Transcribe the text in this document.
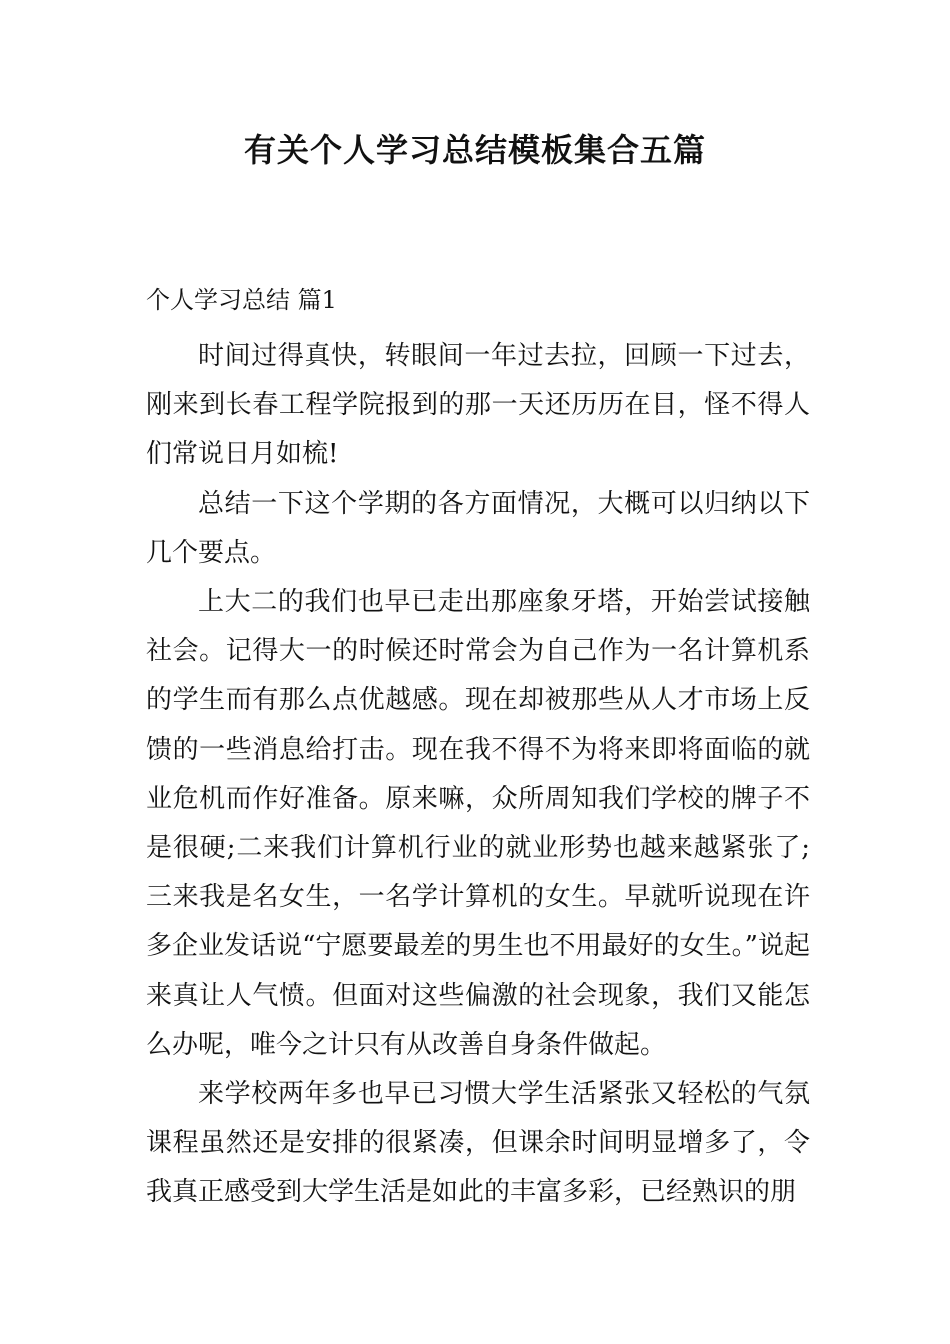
有关个人学习总结模板集合五篇
个人学习总结 篇1

时间过得真快，转眼间一年过去拉，回顾一下过去，刚来到长春工程学院报到的那一天还历历在目，怪不得人们常说日月如梳!

总结一下这个学期的各方面情况，大概可以归纳以下几个要点。

上大二的我们也早已走出那座象牙塔，开始尝试接触社会。记得大一的时候还时常会为自己作为一名计算机系的学生而有那么点优越感。现在却被那些从人才市场上反馈的一些消息给打击。现在我不得不为将来即将面临的就业危机而作好准备。原来嘛，众所周知我们学校的牌子不是很硬;二来我们计算机行业的就业形势也越来越紧张了;三来我是名女生，一名学计算机的女生。早就听说现在许多企业发话说“宁愿要最差的男生也不用最好的女生。”说起来真让人气愤。但面对这些偏激的社会现象，我们又能怎么办呢，唯今之计只有从改善自身条件做起。

来学校两年多也早已习惯大学生活紧张又轻松的气氛课程虽然还是安排的很紧凑，但课余时间明显增多了，令我真正感受到大学生活是如此的丰富多彩，已经熟识的朋
